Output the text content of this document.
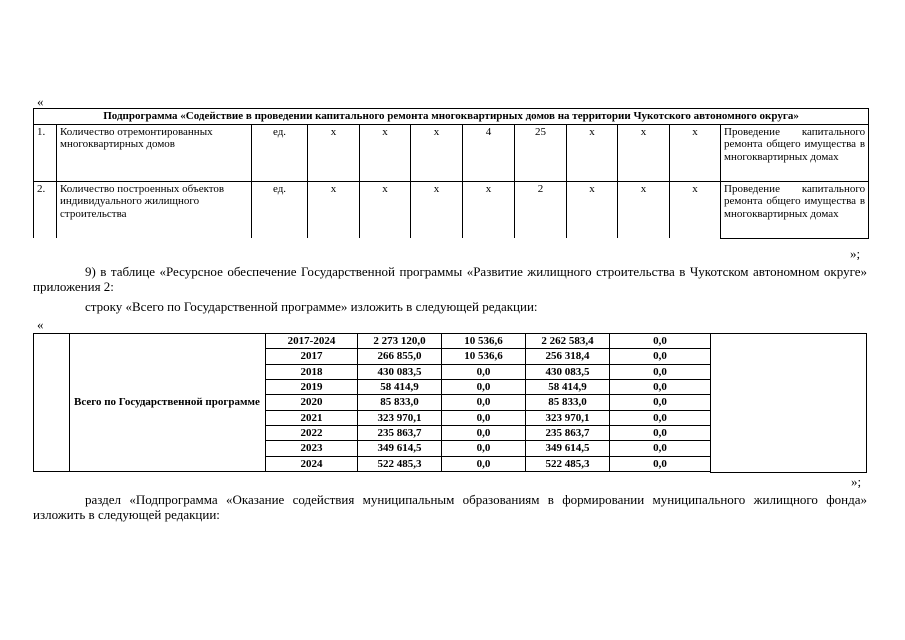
«
Подпрограмма «Содействие в проведении капитального ремонта многоквартирных домов на территории Чукотского автономного округа»											
1.	Количество отремонтированных многоквартирных домов	ед.	х	х	х	4	25	х	х	х	Проведение капитального ремонта общего имущества в многоквартирных домах

2.	Количество построенных объектов индивидуального жилищного строительства	ед.	х	х	х	х	2	х	х	х	Проведение капитального ремонта общего имущества в многоквартирных домах
»;

9) в таблице «Ресурсное обеспечение Государственной программы «Развитие жилищного строительства в Чукотском автономном округе» приложения 2:

строку «Всего по Государственной программе» изложить в следующей редакции:

«

	Всего по Государственной программе	2017-2024	2 273 120,0	10 536,6	2 262 583,4	0,0
		2017	266 855,0	10 536,6	256 318,4	0,0
		2018	430 083,5	0,0	430 083,5	0,0
		2019	58 414,9	0,0	58 414,9	0,0
		2020	85 833,0	0,0	85 833,0	0,0
		2021	323 970,1	0,0	323 970,1	0,0
		2022	235 863,7	0,0	235 863,7	0,0
		2023	349 614,5	0,0	349 614,5	0,0
		2024	522 485,3	0,0	522 485,3	0,0
»;

раздел «Подпрограмма «Оказание содействия муниципальным образованиям в формировании муниципального жилищного фонда» изложить в следующей редакции:
